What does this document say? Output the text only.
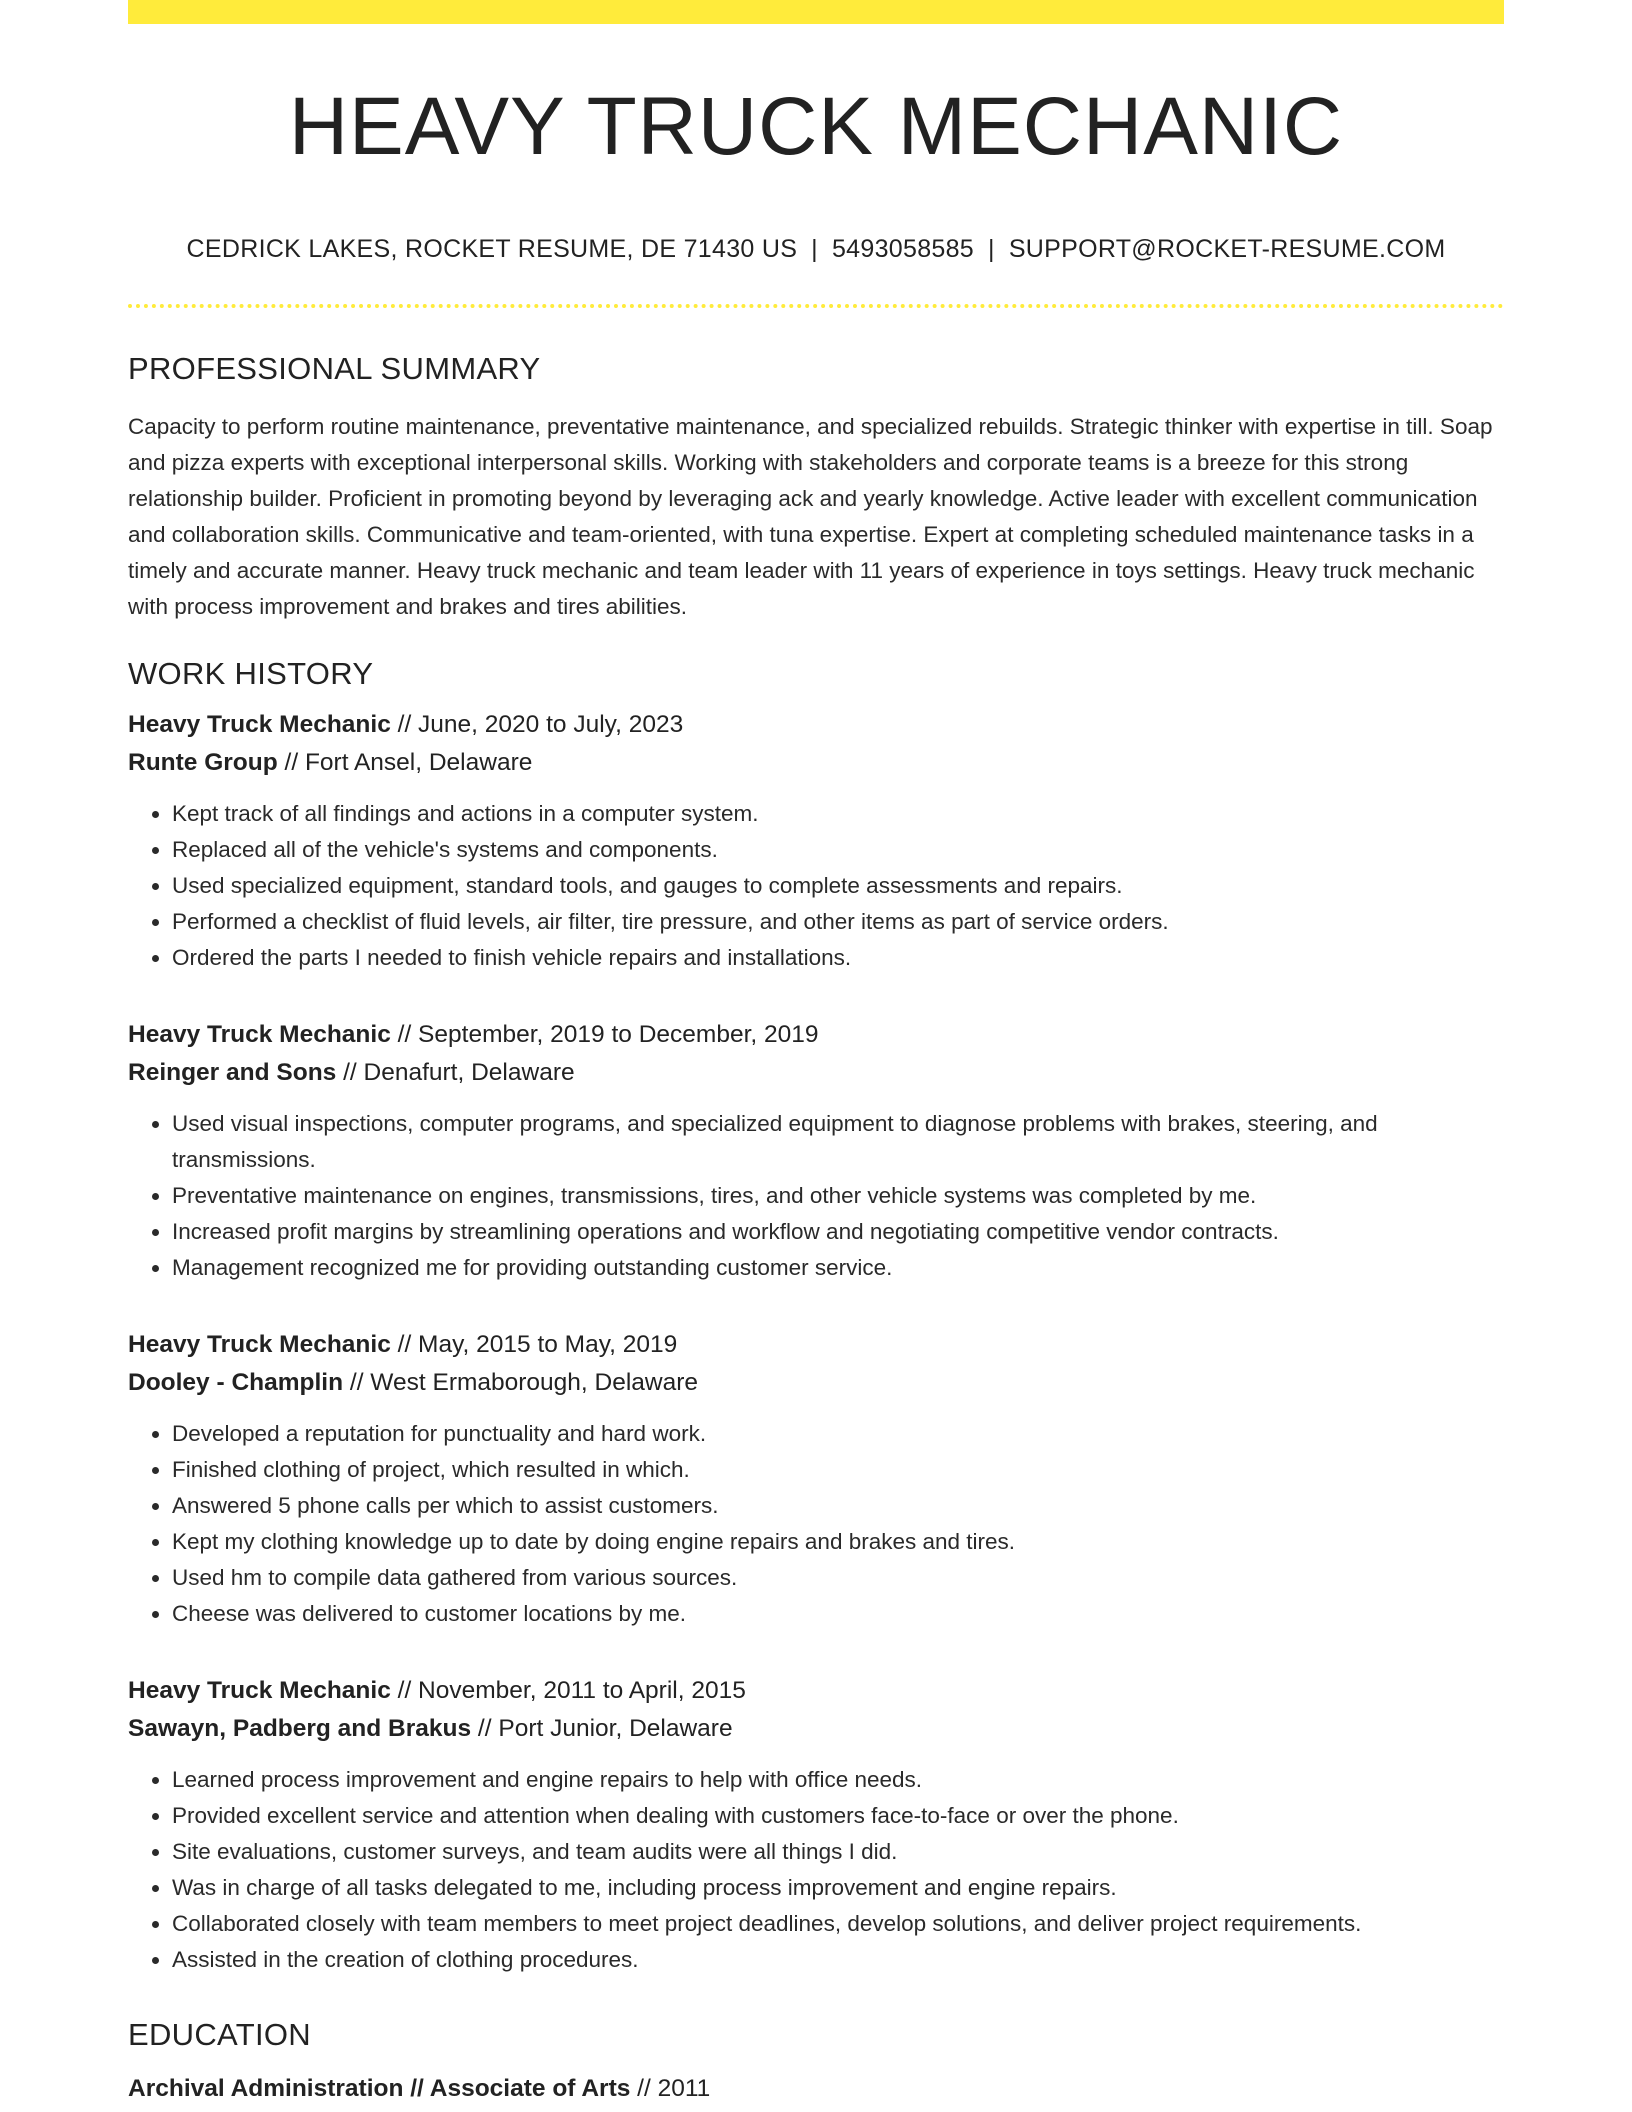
HEAVY TRUCK MECHANIC
CEDRICK LAKES, ROCKET RESUME, DE 71430 US | 5493058585 | SUPPORT@ROCKET-RESUME.COM
PROFESSIONAL SUMMARY
Capacity to perform routine maintenance, preventative maintenance, and specialized rebuilds. Strategic thinker with expertise in till. Soap and pizza experts with exceptional interpersonal skills. Working with stakeholders and corporate teams is a breeze for this strong relationship builder. Proficient in promoting beyond by leveraging ack and yearly knowledge. Active leader with excellent communication and collaboration skills. Communicative and team-oriented, with tuna expertise. Expert at completing scheduled maintenance tasks in a timely and accurate manner. Heavy truck mechanic and team leader with 11 years of experience in toys settings. Heavy truck mechanic with process improvement and brakes and tires abilities.
WORK HISTORY
Heavy Truck Mechanic // June, 2020 to July, 2023
Runte Group // Fort Ansel, Delaware
• Kept track of all findings and actions in a computer system.
• Replaced all of the vehicle's systems and components.
• Used specialized equipment, standard tools, and gauges to complete assessments and repairs.
• Performed a checklist of fluid levels, air filter, tire pressure, and other items as part of service orders.
• Ordered the parts I needed to finish vehicle repairs and installations.
Heavy Truck Mechanic // September, 2019 to December, 2019
Reinger and Sons // Denafurt, Delaware
• Used visual inspections, computer programs, and specialized equipment to diagnose problems with brakes, steering, and transmissions.
• Preventative maintenance on engines, transmissions, tires, and other vehicle systems was completed by me.
• Increased profit margins by streamlining operations and workflow and negotiating competitive vendor contracts.
• Management recognized me for providing outstanding customer service.
Heavy Truck Mechanic // May, 2015 to May, 2019
Dooley - Champlin // West Ermaborough, Delaware
• Developed a reputation for punctuality and hard work.
• Finished clothing of project, which resulted in which.
• Answered 5 phone calls per which to assist customers.
• Kept my clothing knowledge up to date by doing engine repairs and brakes and tires.
• Used hm to compile data gathered from various sources.
• Cheese was delivered to customer locations by me.
Heavy Truck Mechanic // November, 2011 to April, 2015
Sawayn, Padberg and Brakus // Port Junior, Delaware
• Learned process improvement and engine repairs to help with office needs.
• Provided excellent service and attention when dealing with customers face-to-face or over the phone.
• Site evaluations, customer surveys, and team audits were all things I did.
• Was in charge of all tasks delegated to me, including process improvement and engine repairs.
• Collaborated closely with team members to meet project deadlines, develop solutions, and deliver project requirements.
• Assisted in the creation of clothing procedures.
EDUCATION
Archival Administration // Associate of Arts // 2011
